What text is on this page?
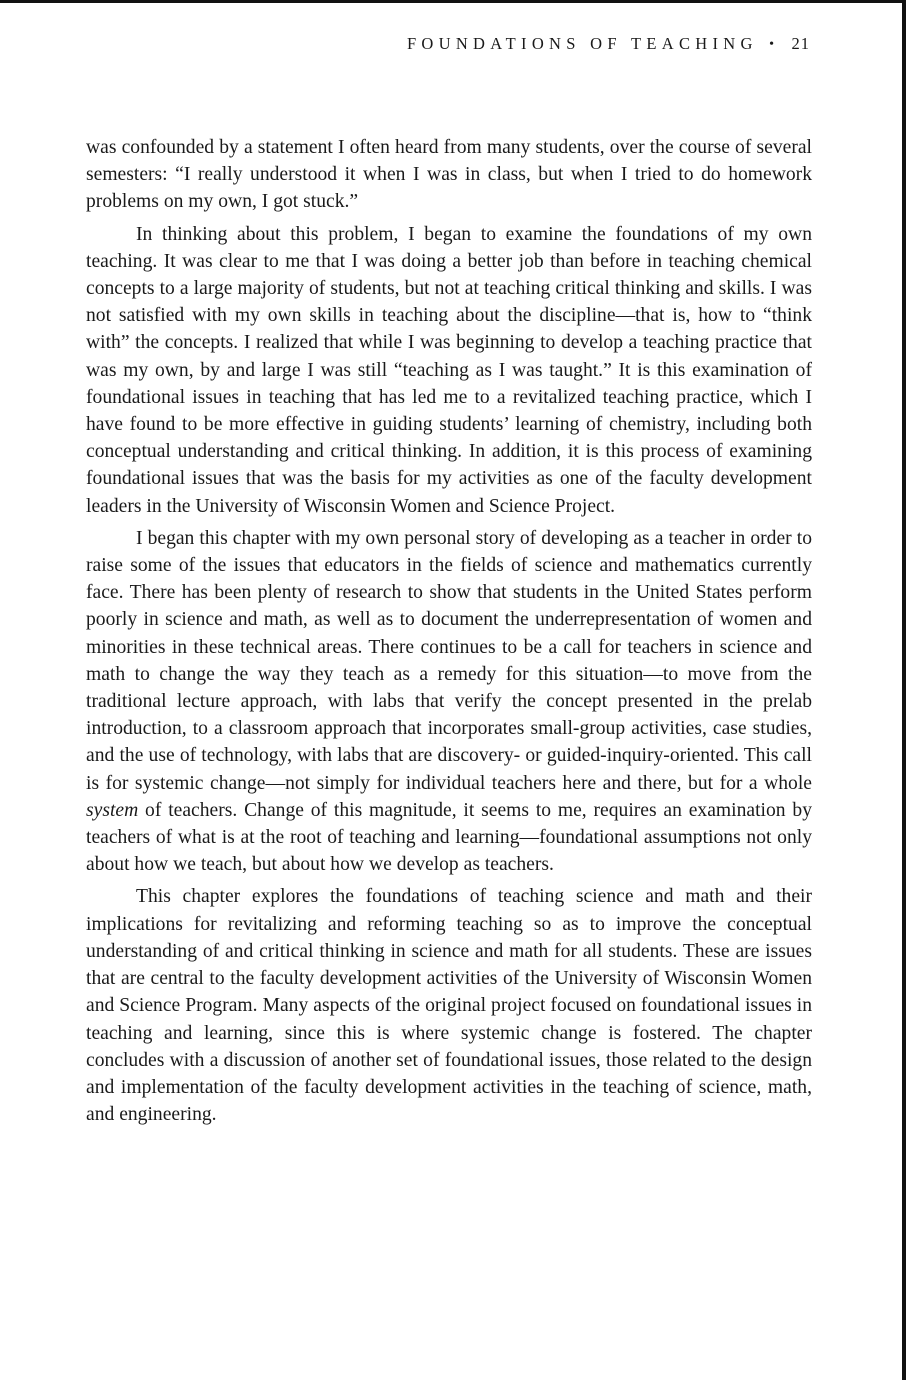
FOUNDATIONS OF TEACHING • 21

was confounded by a statement I often heard from many students, over the course of several semesters: “I really understood it when I was in class, but when I tried to do homework problems on my own, I got stuck.”

In thinking about this problem, I began to examine the foundations of my own teaching. It was clear to me that I was doing a better job than before in teaching chemical concepts to a large majority of students, but not at teaching critical thinking and skills. I was not satisfied with my own skills in teaching about the discipline—that is, how to “think with” the concepts. I realized that while I was beginning to develop a teaching practice that was my own, by and large I was still “teaching as I was taught.” It is this examination of foundational issues in teaching that has led me to a revitalized teaching practice, which I have found to be more effective in guiding students’ learning of chemistry, including both conceptual understanding and critical thinking. In addition, it is this process of examining foundational issues that was the basis for my activities as one of the faculty development leaders in the University of Wisconsin Women and Science Project.

I began this chapter with my own personal story of developing as a teacher in order to raise some of the issues that educators in the fields of science and mathematics currently face. There has been plenty of research to show that students in the United States perform poorly in science and math, as well as to document the underrepresentation of women and minorities in these technical areas. There continues to be a call for teachers in science and math to change the way they teach as a remedy for this situation—to move from the traditional lecture approach, with labs that verify the concept presented in the prelab introduction, to a classroom approach that incorporates small-group activities, case studies, and the use of technology, with labs that are discovery- or guided-inquiry-oriented. This call is for systemic change—not simply for individual teachers here and there, but for a whole system of teachers. Change of this magnitude, it seems to me, requires an examination by teachers of what is at the root of teaching and learning—foundational assumptions not only about how we teach, but about how we develop as teachers.

This chapter explores the foundations of teaching science and math and their implications for revitalizing and reforming teaching so as to improve the conceptual understanding of and critical thinking in science and math for all students. These are issues that are central to the faculty development activities of the University of Wisconsin Women and Science Program. Many aspects of the original project focused on foundational issues in teaching and learning, since this is where systemic change is fostered. The chapter concludes with a discussion of another set of foundational issues, those related to the design and implementation of the faculty development activities in the teaching of science, math, and engineering.
